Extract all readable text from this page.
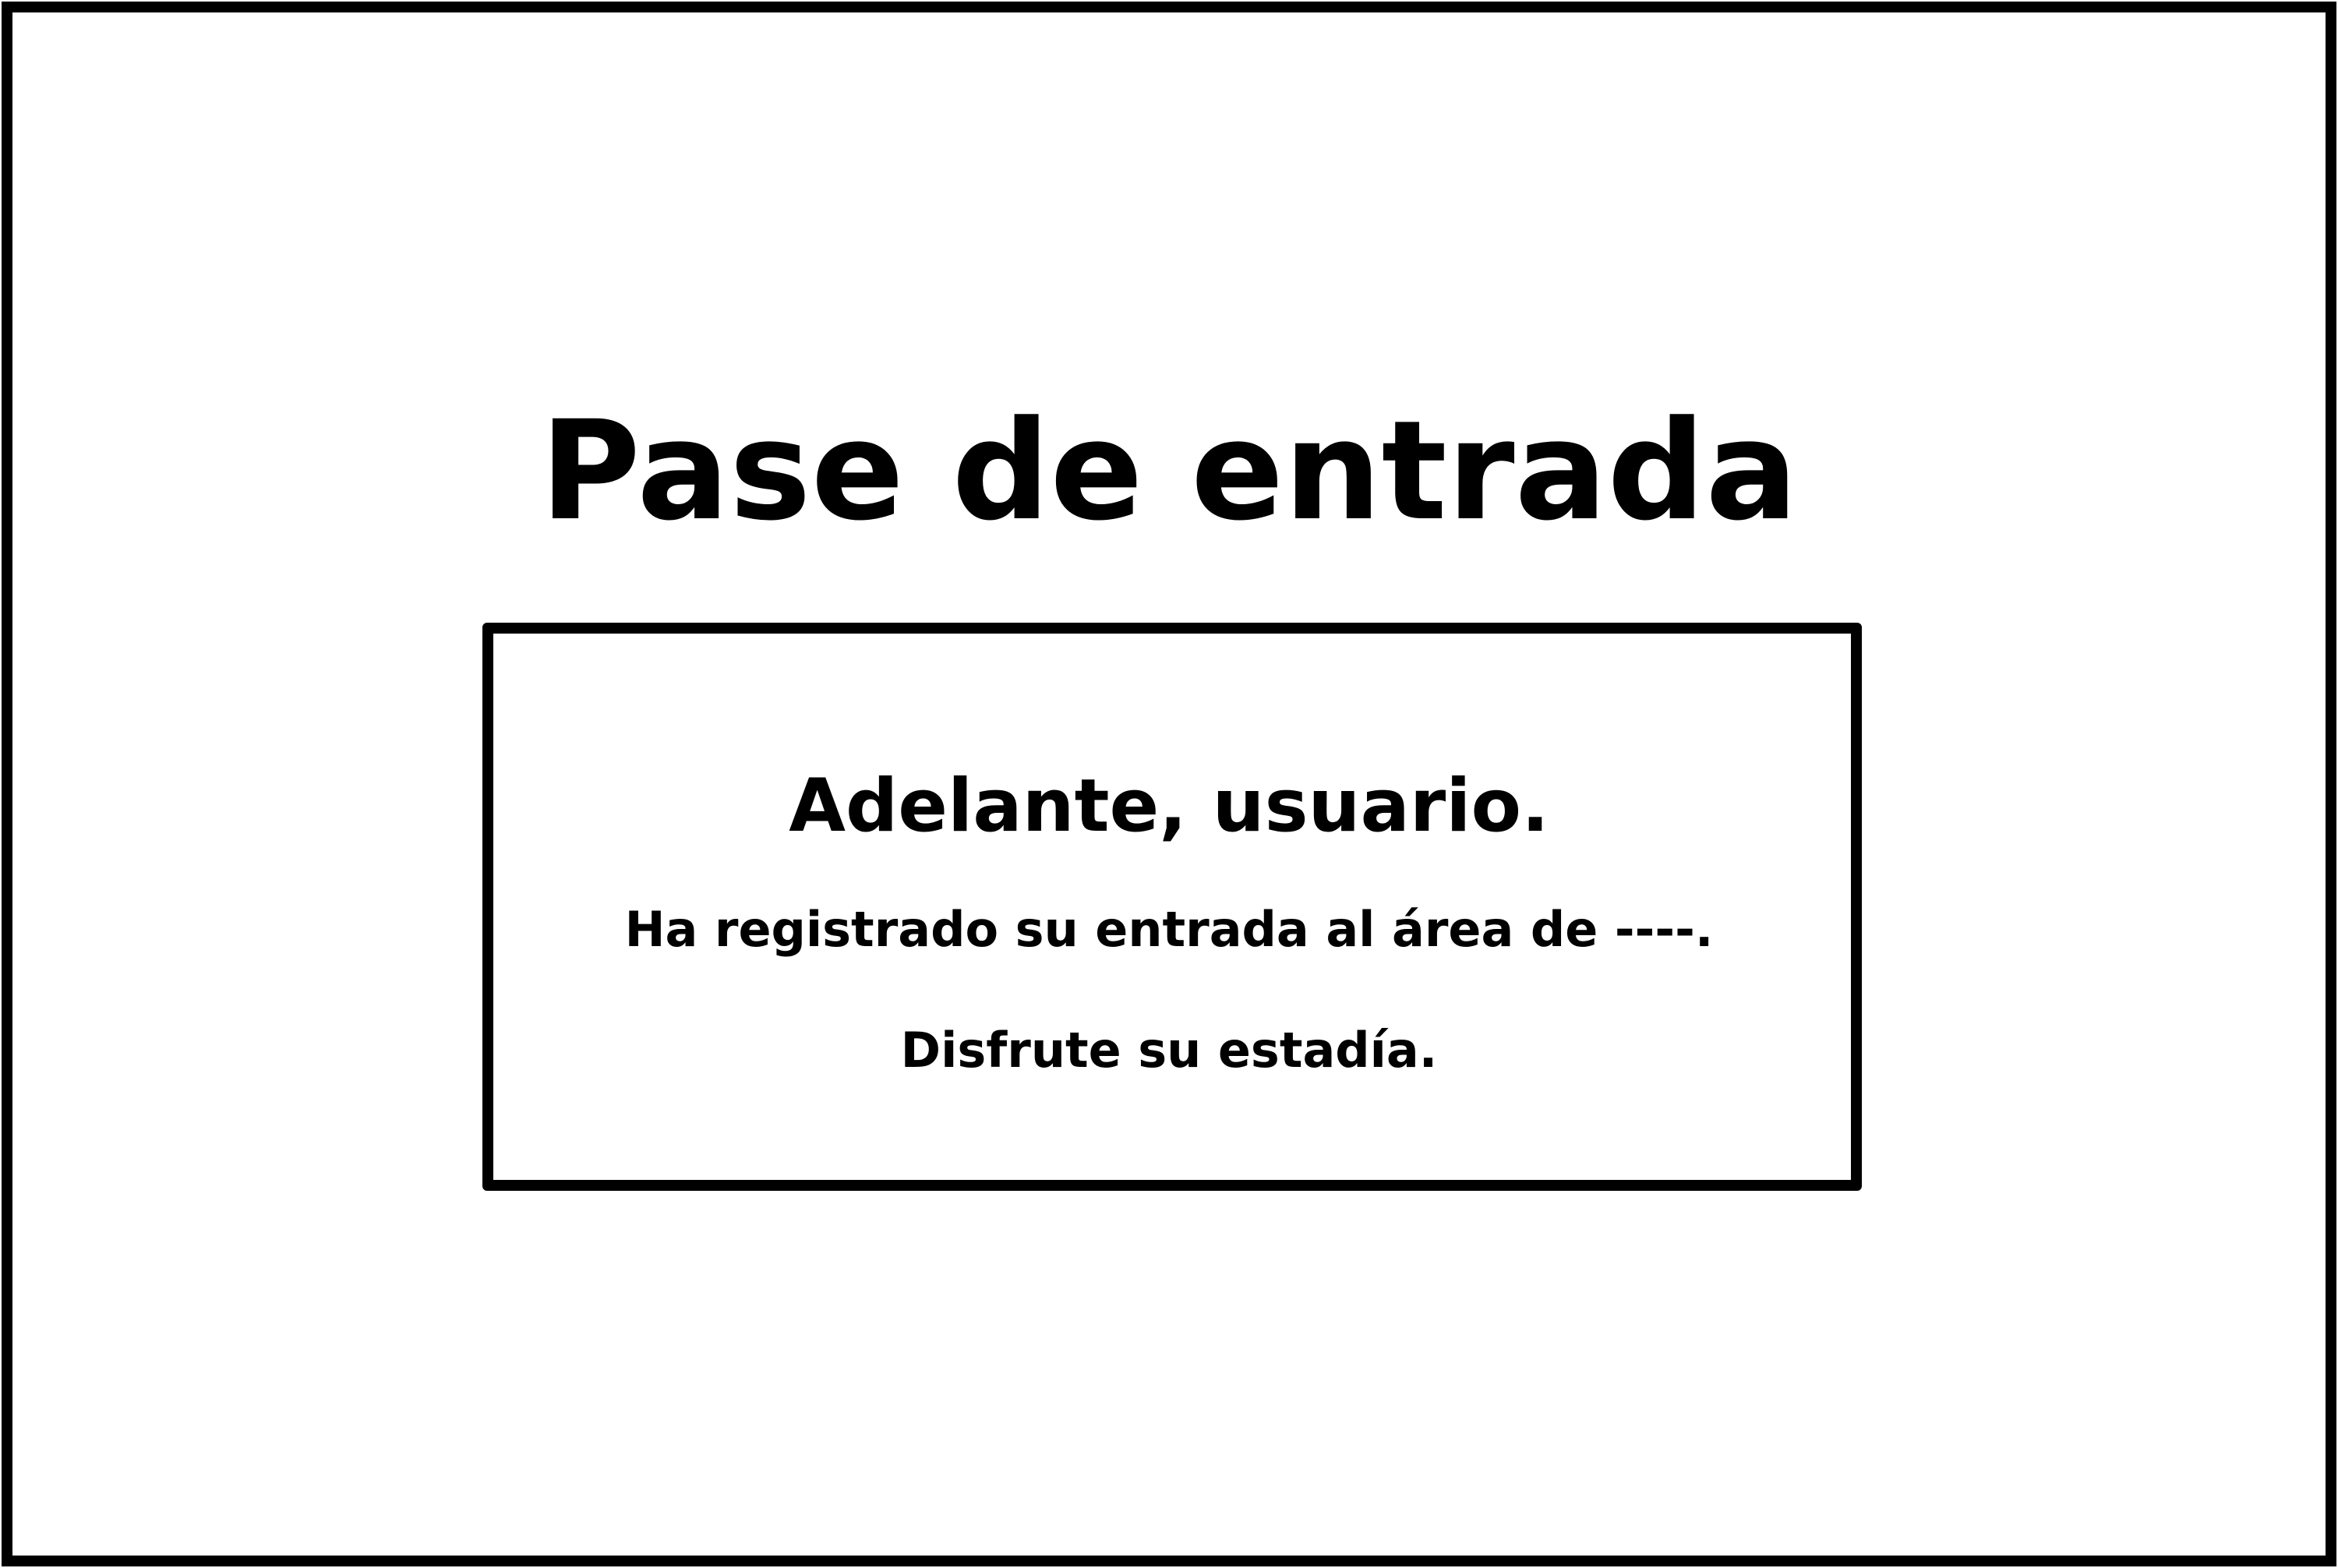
Pase de entrada
Adelante, usuario.

Ha registrado su entrada al área de ----.

Disfrute su estadía.
